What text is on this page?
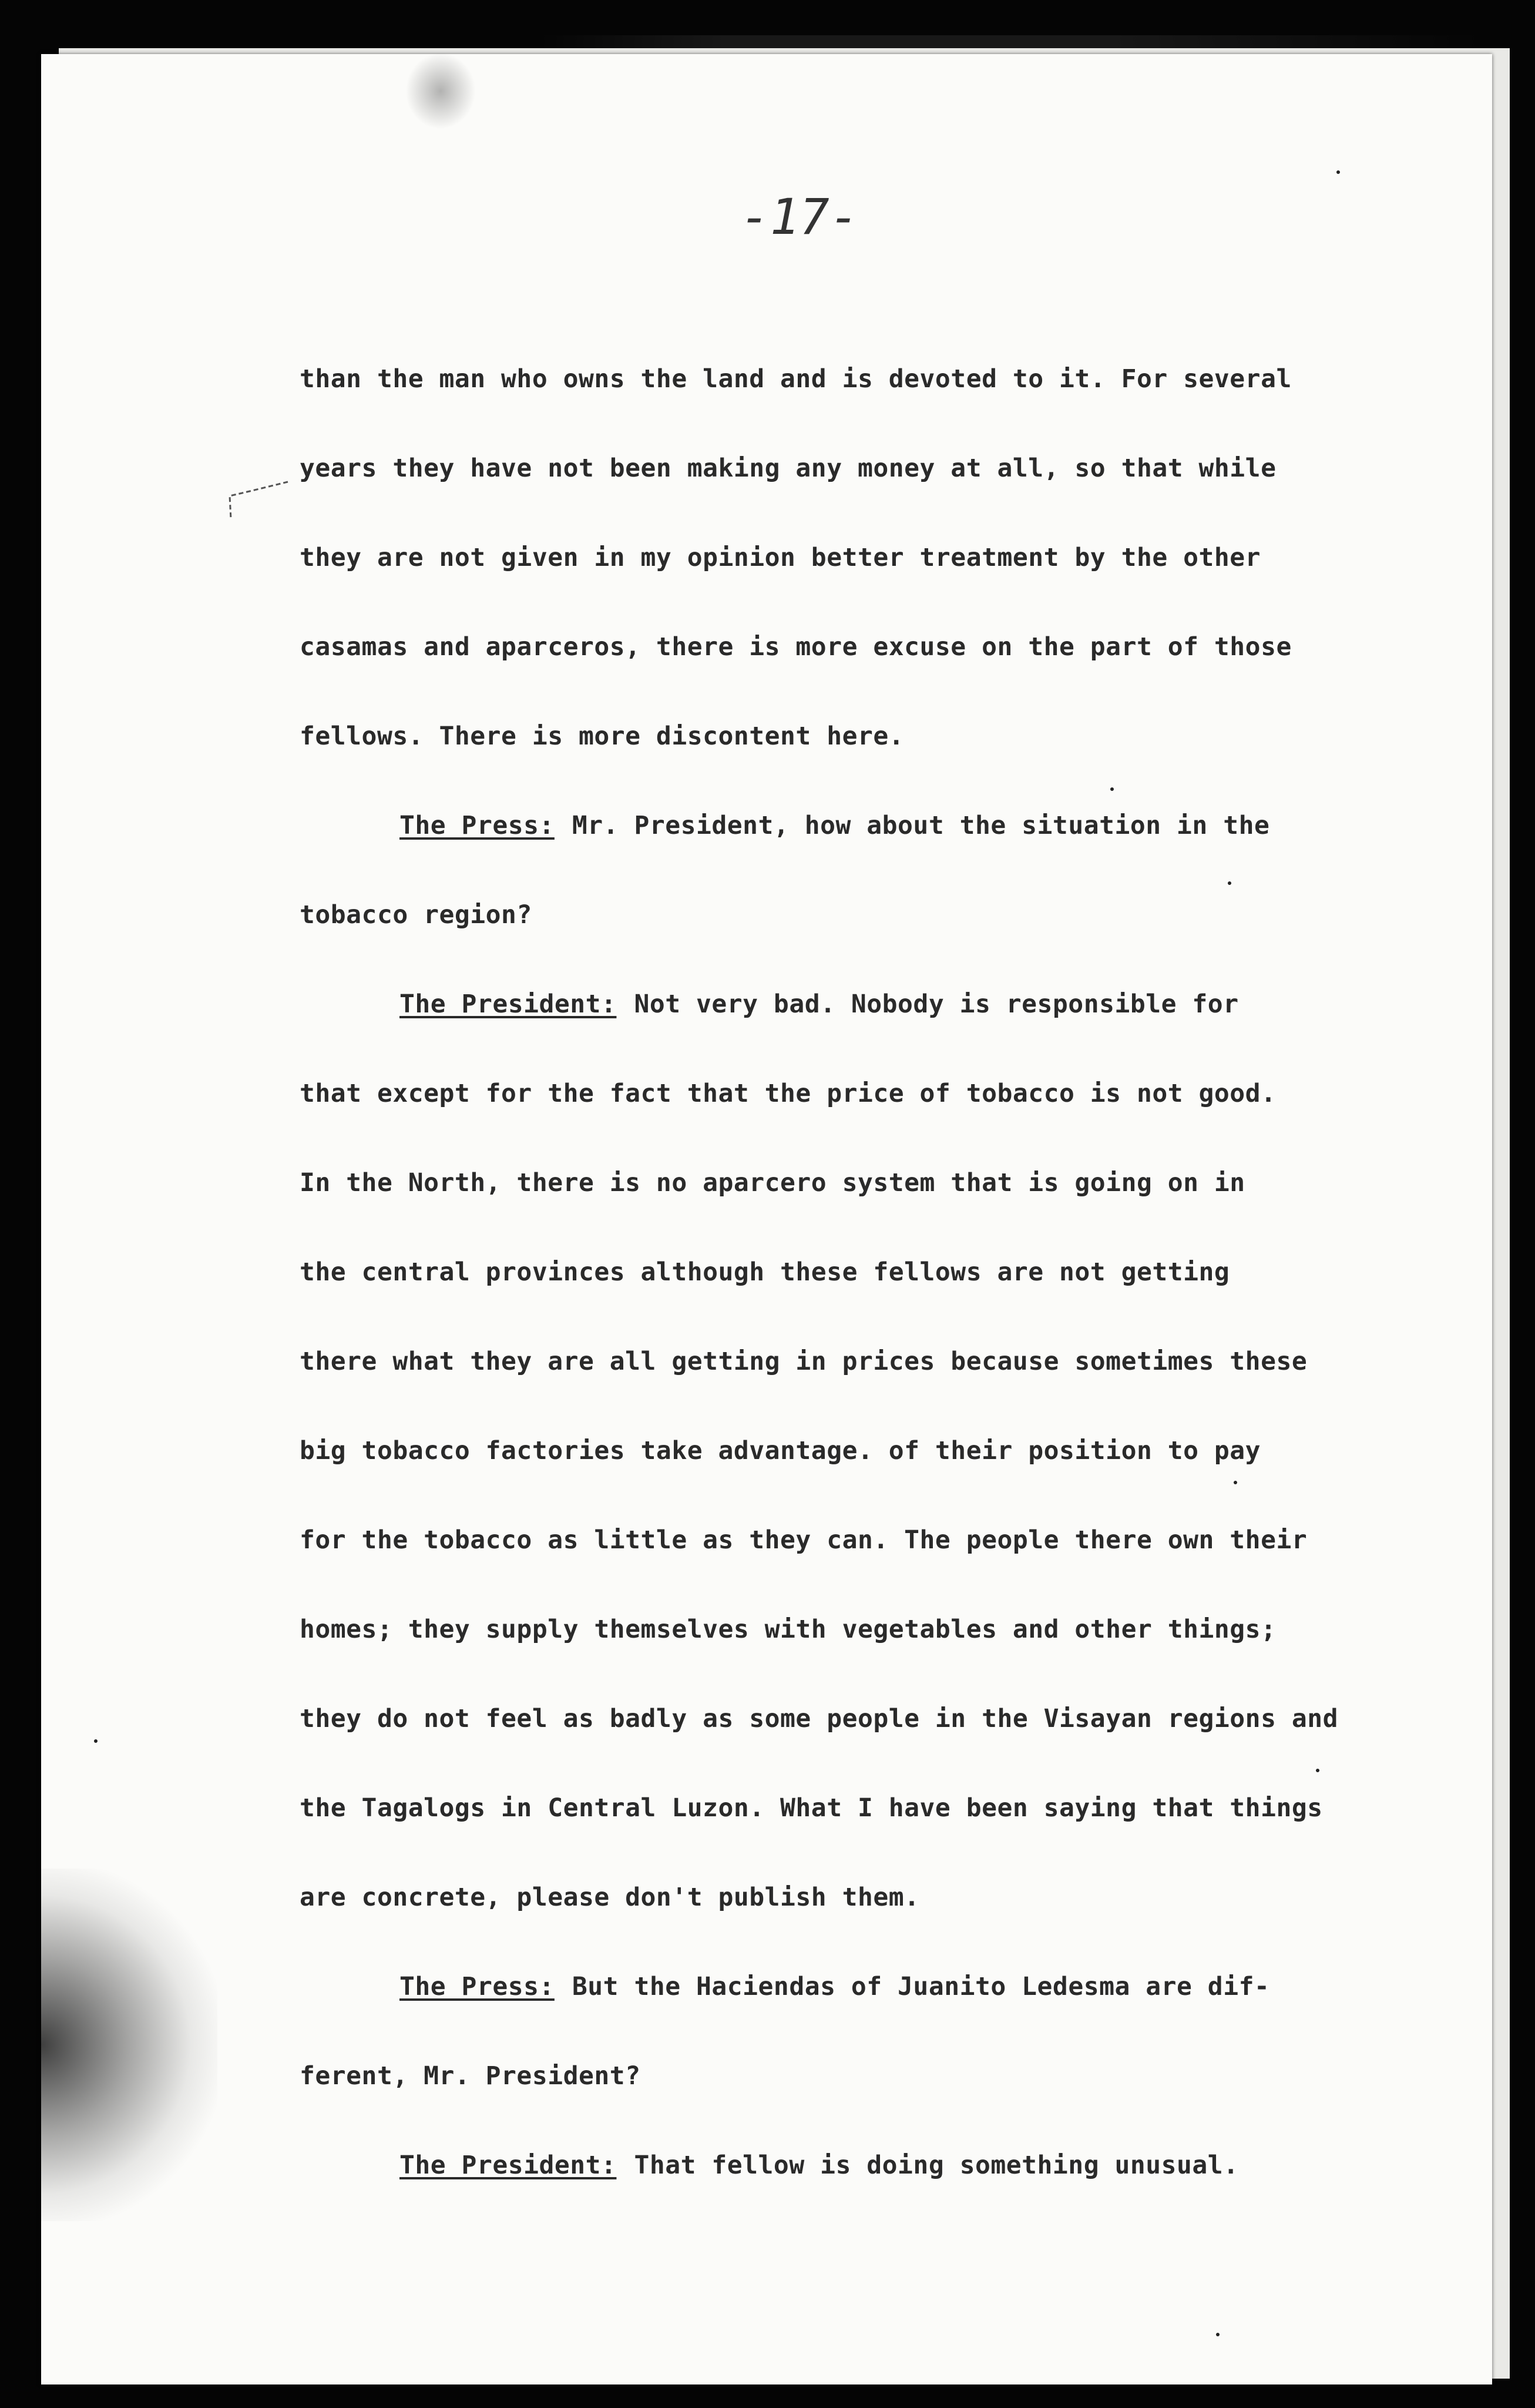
-17-
than the man who owns the land and is devoted to it. For several
years they have not been making any money at all, so that while
they are not given in my opinion better treatment by the other
casamas and aparceros, there is more excuse on the part of those
fellows. There is more discontent here.
The Press: Mr. President, how about the situation in the
tobacco region?
The President: Not very bad. Nobody is responsible for
that except for the fact that the price of tobacco is not good.
In the North, there is no aparcero system that is going on in
the central provinces although these fellows are not getting
there what they are all getting in prices because sometimes these
big tobacco factories take advantage. of their position to pay
for the tobacco as little as they can. The people there own their
homes; they supply themselves with vegetables and other things;
they do not feel as badly as some people in the Visayan regions and
the Tagalogs in Central Luzon. What I have been saying that things
are concrete, please don't publish them.
The Press: But the Haciendas of Juanito Ledesma are dif-
ferent, Mr. President?
The President: That fellow is doing something unusual.
